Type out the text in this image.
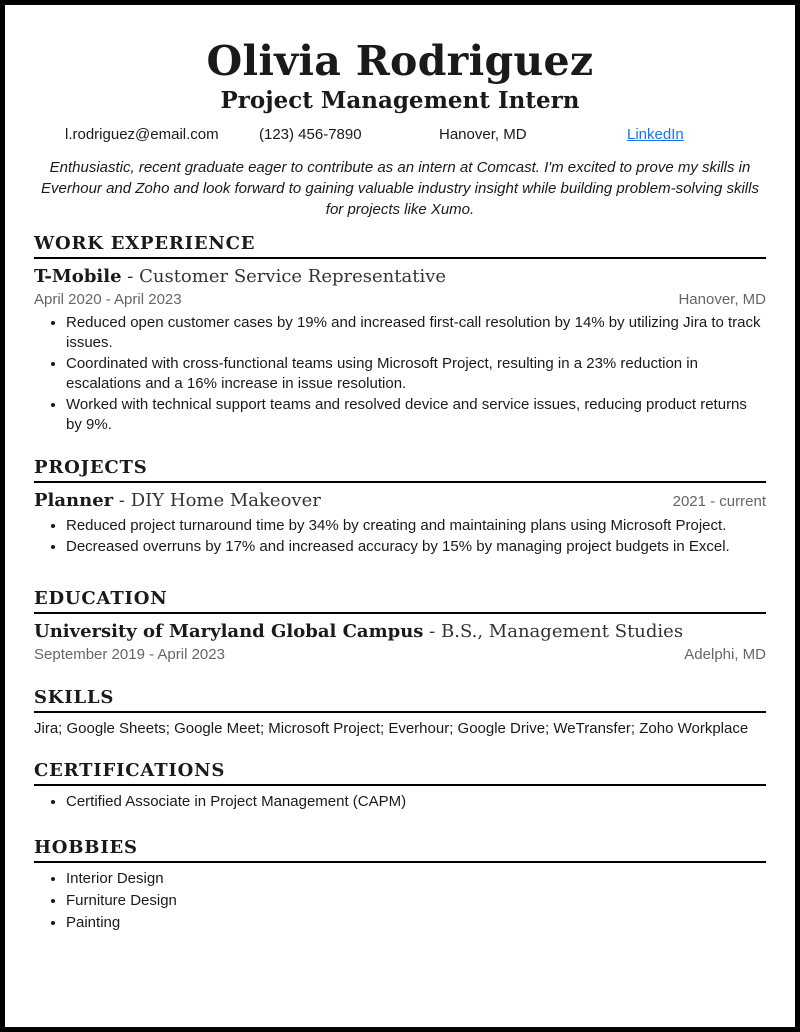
Olivia Rodriguez
Project Management Intern
l.rodriguez@email.com	(123) 456-7890	Hanover, MD	LinkedIn
Enthusiastic, recent graduate eager to contribute as an intern at Comcast. I'm excited to prove my skills in Everhour and Zoho and look forward to gaining valuable industry insight while building problem-solving skills for projects like Xumo.
WORK EXPERIENCE
T-Mobile - Customer Service Representative
April 2020 - April 2023	Hanover, MD
• Reduced open customer cases by 19% and increased first-call resolution by 14% by utilizing Jira to track issues.
• Coordinated with cross-functional teams using Microsoft Project, resulting in a 23% reduction in escalations and a 16% increase in issue resolution.
• Worked with technical support teams and resolved device and service issues, reducing product returns by 9%.
PROJECTS
Planner - DIY Home Makeover	2021 - current
• Reduced project turnaround time by 34% by creating and maintaining plans using Microsoft Project.
• Decreased overruns by 17% and increased accuracy by 15% by managing project budgets in Excel.
EDUCATION
University of Maryland Global Campus - B.S., Management Studies
September 2019 - April 2023	Adelphi, MD
SKILLS
Jira; Google Sheets; Google Meet; Microsoft Project; Everhour; Google Drive; WeTransfer; Zoho Workplace
CERTIFICATIONS
• Certified Associate in Project Management (CAPM)
HOBBIES
• Interior Design
• Furniture Design
• Painting
